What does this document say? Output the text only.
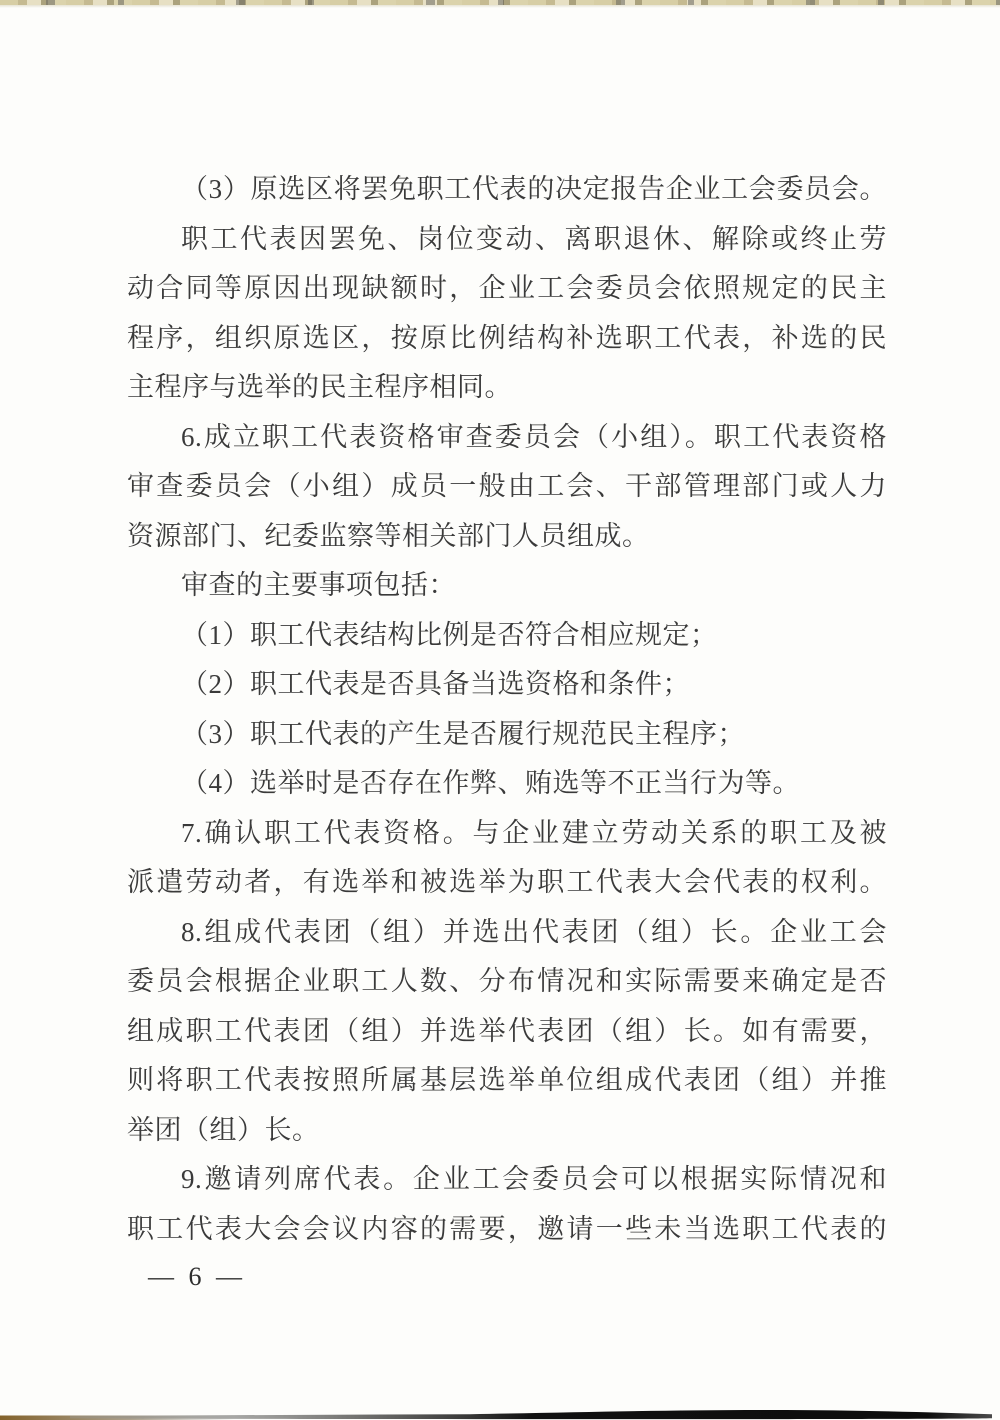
（3）原选区将罢免职工代表的决定报告企业工会委员会。
职工代表因罢免、岗位变动、离职退休、解除或终止劳
动合同等原因出现缺额时，企业工会委员会依照规定的民主
程序，组织原选区，按原比例结构补选职工代表，补选的民
主程序与选举的民主程序相同。
6.成立职工代表资格审查委员会（小组）。职工代表资格
审查委员会（小组）成员一般由工会、干部管理部门或人力
资源部门、纪委监察等相关部门人员组成。
审查的主要事项包括：
（1）职工代表结构比例是否符合相应规定；
（2）职工代表是否具备当选资格和条件；
（3）职工代表的产生是否履行规范民主程序；
（4）选举时是否存在作弊、贿选等不正当行为等。
7.确认职工代表资格。与企业建立劳动关系的职工及被
派遣劳动者，有选举和被选举为职工代表大会代表的权利。
8.组成代表团（组）并选出代表团（组）长。企业工会
委员会根据企业职工人数、分布情况和实际需要来确定是否
组成职工代表团（组）并选举代表团（组）长。如有需要，
则将职工代表按照所属基层选举单位组成代表团（组）并推
举团（组）长。
9.邀请列席代表。企业工会委员会可以根据实际情况和
职工代表大会会议内容的需要，邀请一些未当选职工代表的
— 6 —
